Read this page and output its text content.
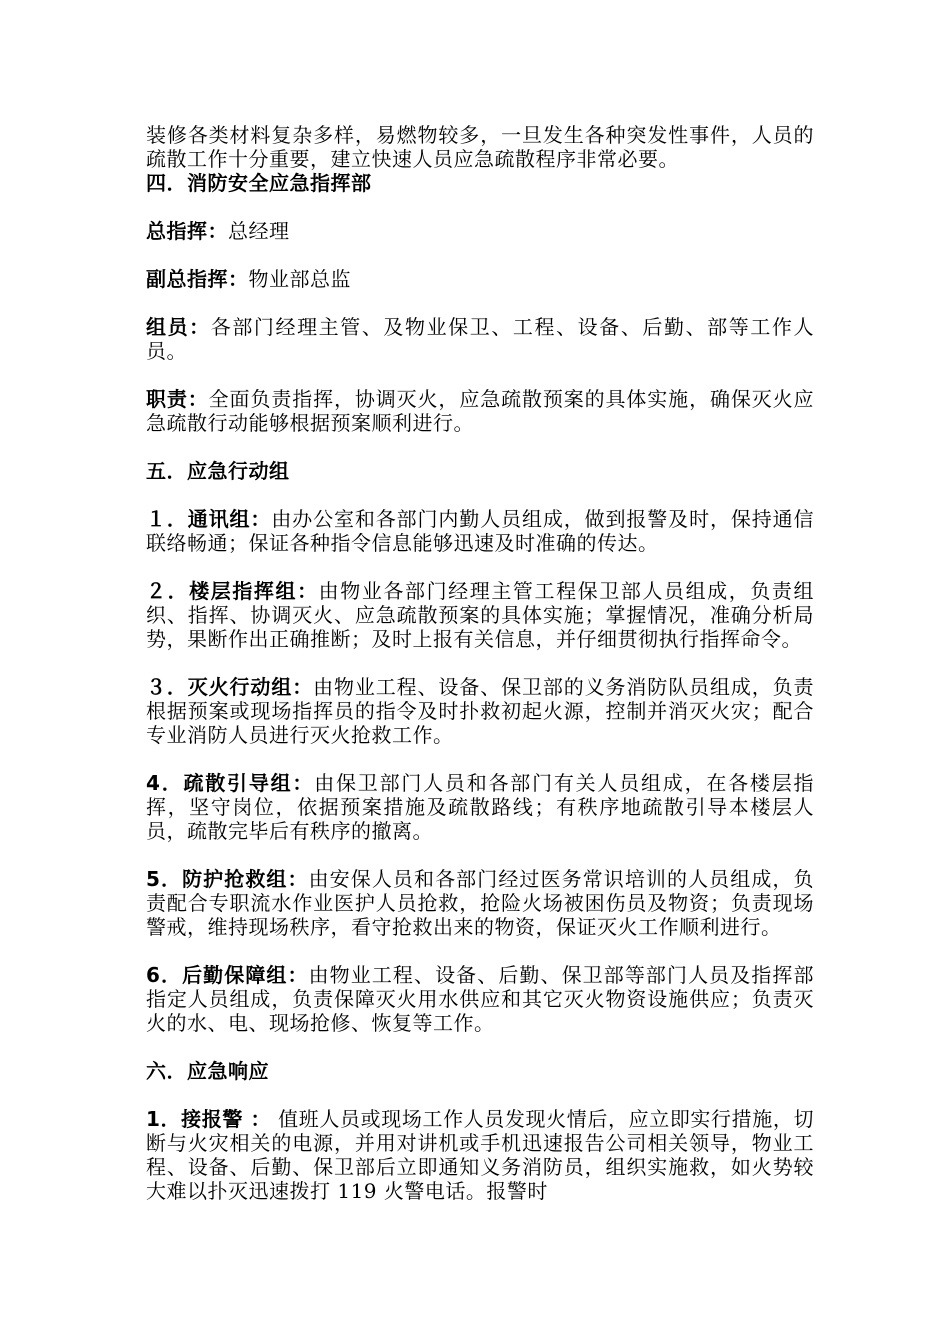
装修各类材料复杂多样，易燃物较多，一旦发生各种突发性事件，人员的疏散工作十分重要，建立快速人员应急疏散程序非常必要。

四．消防安全应急指挥部

总指挥：总经理

副总指挥：物业部总监

组员：各部门经理主管、及物业保卫、工程、设备、后勤、部等工作人员。

职责：全面负责指挥，协调灭火，应急疏散预案的具体实施，确保灭火应急疏散行动能够根据预案顺利进行。

五．应急行动组

１．通讯组：由办公室和各部门内勤人员组成，做到报警及时，保持通信联络畅通；保证各种指令信息能够迅速及时准确的传达。

２．楼层指挥组：由物业各部门经理主管工程保卫部人员组成，负责组织、指挥、协调灭火、应急疏散预案的具体实施；掌握情况，准确分析局势，果断作出正确推断；及时上报有关信息，并仔细贯彻执行指挥命令。

３．灭火行动组：由物业工程、设备、保卫部的义务消防队员组成，负责根据预案或现场指挥员的指令及时扑救初起火源，控制并消灭火灾；配合专业消防人员进行灭火抢救工作。

4．疏散引导组：由保卫部门人员和各部门有关人员组成，在各楼层指挥，坚守岗位，依据预案措施及疏散路线；有秩序地疏散引导本楼层人员，疏散完毕后有秩序的撤离。

5．防护抢救组：由安保人员和各部门经过医务常识培训的人员组成，负责配合专职流水作业医护人员抢救，抢险火场被困伤员及物资；负责现场警戒，维持现场秩序，看守抢救出来的物资，保证灭火工作顺利进行。

6．后勤保障组：由物业工程、设备、后勤、保卫部等部门人员及指挥部指定人员组成，负责保障灭火用水供应和其它灭火物资设施供应；负责灭火的水、电、现场抢修、恢复等工作。

六．应急响应

1．接报警 ： 值班人员或现场工作人员发现火情后，应立即实行措施，切断与火灾相关的电源，并用对讲机或手机迅速报告公司相关领导，物业工程、设备、后勤、保卫部后立即通知义务消防员，组织实施救，如火势较大难以扑灭迅速拨打 119 火警电话。报警时
